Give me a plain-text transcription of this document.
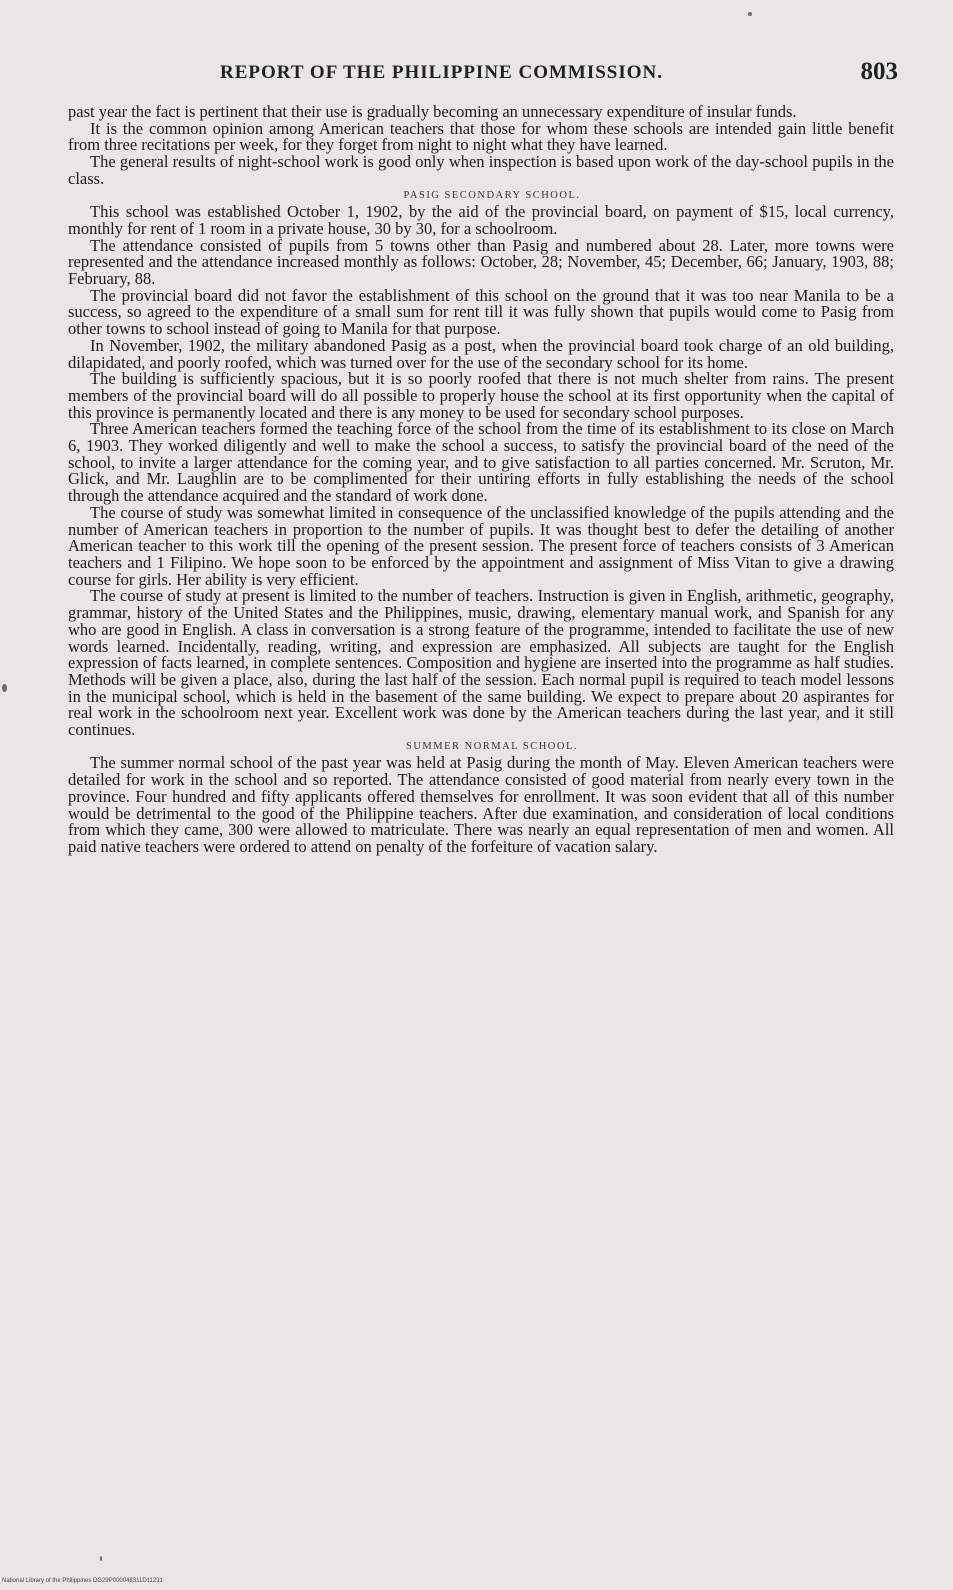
REPORT OF THE PHILIPPINE COMMISSION.	803

past year the fact is pertinent that their use is gradually becoming an unnecessary expenditure of insular funds.

It is the common opinion among American teachers that those for whom these schools are intended gain little benefit from three recitations per week, for they forget from night to night what they have learned.

The general results of night-school work is good only when inspection is based upon work of the day-school pupils in the class.

PASIG SECONDARY SCHOOL.

This school was established October 1, 1902, by the aid of the provincial board, on payment of $15, local currency, monthly for rent of 1 room in a private house, 30 by 30, for a schoolroom.

The attendance consisted of pupils from 5 towns other than Pasig and numbered about 28. Later, more towns were represented and the attendance increased monthly as follows: October, 28; November, 45; December, 66; January, 1903, 88; February, 88.

The provincial board did not favor the establishment of this school on the ground that it was too near Manila to be a success, so agreed to the expenditure of a small sum for rent till it was fully shown that pupils would come to Pasig from other towns to school instead of going to Manila for that purpose.

In November, 1902, the military abandoned Pasig as a post, when the provincial board took charge of an old building, dilapidated, and poorly roofed, which was turned over for the use of the secondary school for its home.

The building is sufficiently spacious, but it is so poorly roofed that there is not much shelter from rains. The present members of the provincial board will do all possible to properly house the school at its first opportunity when the capital of this province is permanently located and there is any money to be used for secondary school purposes.

Three American teachers formed the teaching force of the school from the time of its establishment to its close on March 6, 1903. They worked diligently and well to make the school a success, to satisfy the provincial board of the need of the school, to invite a larger attendance for the coming year, and to give satisfaction to all parties concerned. Mr. Scruton, Mr. Glick, and Mr. Laughlin are to be complimented for their untiring efforts in fully establishing the needs of the school through the attendance acquired and the standard of work done.

The course of study was somewhat limited in consequence of the unclassified knowledge of the pupils attending and the number of American teachers in proportion to the number of pupils. It was thought best to defer the detailing of another American teacher to this work till the opening of the present session. The present force of teachers consists of 3 American teachers and 1 Filipino. We hope soon to be enforced by the appointment and assignment of Miss Vitan to give a drawing course for girls. Her ability is very efficient.

The course of study at present is limited to the number of teachers. Instruction is given in English, arithmetic, geography, grammar, history of the United States and the Philippines, music, drawing, elementary manual work, and Spanish for any who are good in English. A class in conversation is a strong feature of the programme, intended to facilitate the use of new words learned. Incidentally, reading, writing, and expression are emphasized. All subjects are taught for the English expression of facts learned, in complete sentences. Composition and hygiene are inserted into the programme as half studies. Methods will be given a place, also, during the last half of the session. Each normal pupil is required to teach model lessons in the municipal school, which is held in the basement of the same building. We expect to prepare about 20 aspirantes for real work in the schoolroom next year. Excellent work was done by the American teachers during the last year, and it still continues.

SUMMER NORMAL SCHOOL.

The summer normal school of the past year was held at Pasig during the month of May. Eleven American teachers were detailed for work in the school and so reported. The attendance consisted of good material from nearly every town in the province. Four hundred and fifty applicants offered themselves for enrollment. It was soon evident that all of this number would be detrimental to the good of the Philippine teachers. After due examination, and consideration of local conditions from which they came, 300 were allowed to matriculate. There was nearly an equal representation of men and women. All paid native teachers were ordered to attend on penalty of the forfeiture of vacation salary.

National Library of the Philippines DG29P000048311D11231
